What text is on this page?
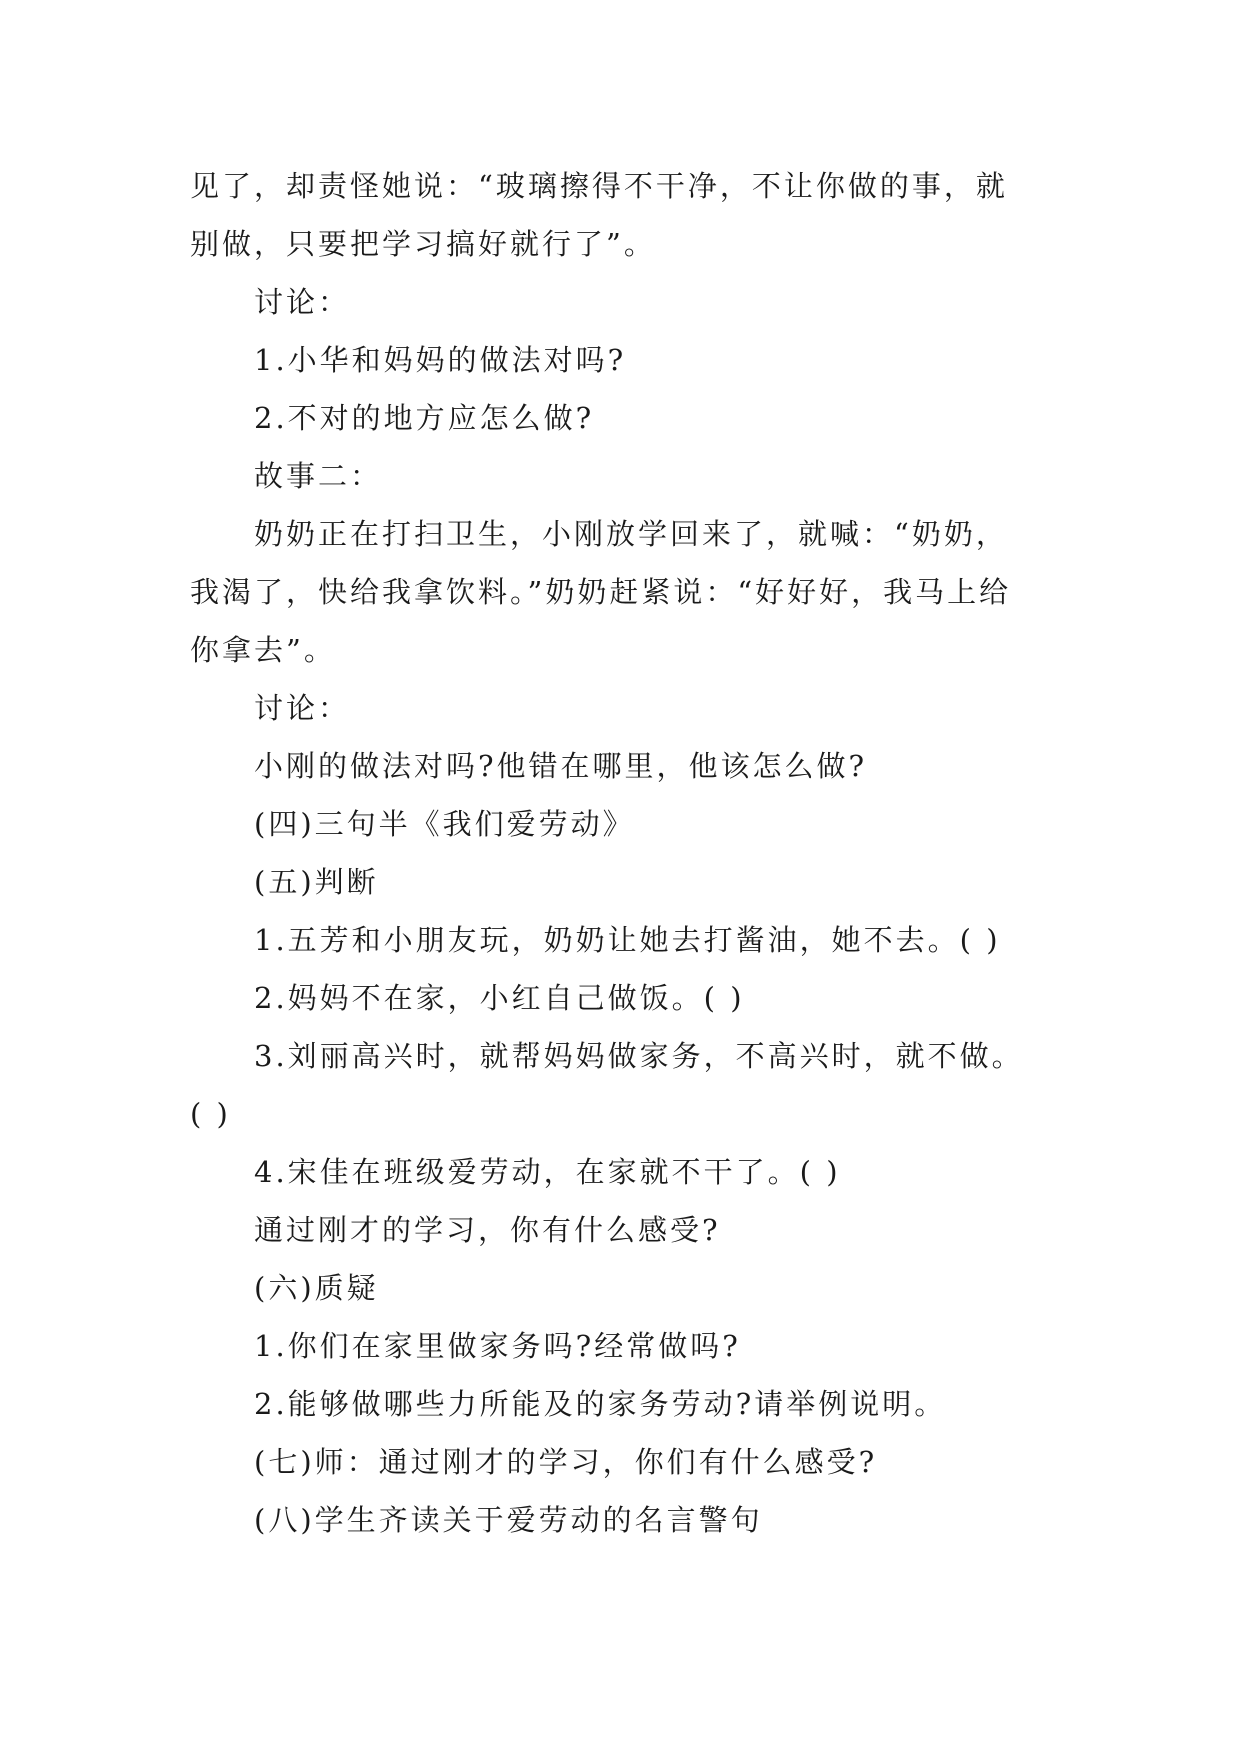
见了，却责怪她说：“玻璃擦得不干净，不让你做的事，就
别做，只要把学习搞好就行了”。
讨论：
1.小华和妈妈的做法对吗?
2.不对的地方应怎么做?
故事二：
奶奶正在打扫卫生，小刚放学回来了，就喊：“奶奶，
我渴了，快给我拿饮料。”奶奶赶紧说：“好好好，我马上给
你拿去”。
讨论：
小刚的做法对吗?他错在哪里，他该怎么做?
(四)三句半《我们爱劳动》
(五)判断
1.五芳和小朋友玩，奶奶让她去打酱油，她不去。( )
2.妈妈不在家，小红自己做饭。( )
3.刘丽高兴时，就帮妈妈做家务，不高兴时，就不做。
( )
4.宋佳在班级爱劳动，在家就不干了。( )
通过刚才的学习，你有什么感受?
(六)质疑
1.你们在家里做家务吗?经常做吗?
2.能够做哪些力所能及的家务劳动?请举例说明。
(七)师：通过刚才的学习，你们有什么感受?
(八)学生齐读关于爱劳动的名言警句
